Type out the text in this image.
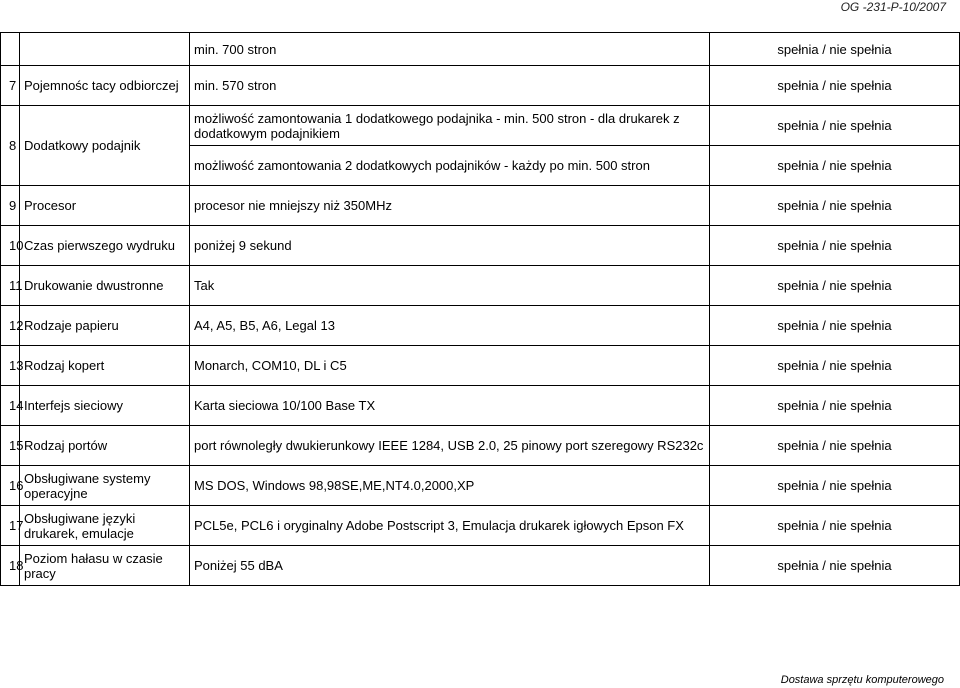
OG -231-P-10/2007
		min. 700 stron	spełnia / nie spełnia
7	Pojemnośc tacy odbiorczej	min. 570 stron	spełnia / nie spełnia
8	Dodatkowy podajnik	możliwość zamontowania 1 dodatkowego podajnika - min. 500 stron - dla drukarek z dodatkowym podajnikiem	spełnia / nie spełnia
		możliwość zamontowania 2 dodatkowych podajników - każdy po min. 500 stron	spełnia / nie spełnia
9	Procesor	procesor nie mniejszy niż 350MHz	spełnia / nie spełnia
10	Czas pierwszego wydruku	poniżej 9 sekund	spełnia / nie spełnia
11	Drukowanie dwustronne	Tak	spełnia / nie spełnia
12	Rodzaje papieru	A4, A5, B5, A6, Legal 13	spełnia / nie spełnia
13	Rodzaj kopert	Monarch, COM10, DL i C5	spełnia / nie spełnia
14	Interfejs sieciowy	Karta sieciowa 10/100 Base TX	spełnia / nie spełnia
15	Rodzaj portów	port równoległy dwukierunkowy IEEE 1284, USB 2.0, 25 pinowy port szeregowy RS232c	spełnia / nie spełnia
16	Obsługiwane systemy operacyjne	MS DOS, Windows 98,98SE,ME,NT4.0,2000,XP	spełnia / nie spełnia
17	Obsługiwane języki drukarek, emulacje	PCL5e, PCL6 i oryginalny Adobe Postscript 3, Emulacja drukarek igłowych Epson FX	spełnia / nie spełnia
18	Poziom hałasu w czasie pracy	Poniżej 55 dBA	spełnia / nie spełnia
Dostawa sprzętu komputerowego
